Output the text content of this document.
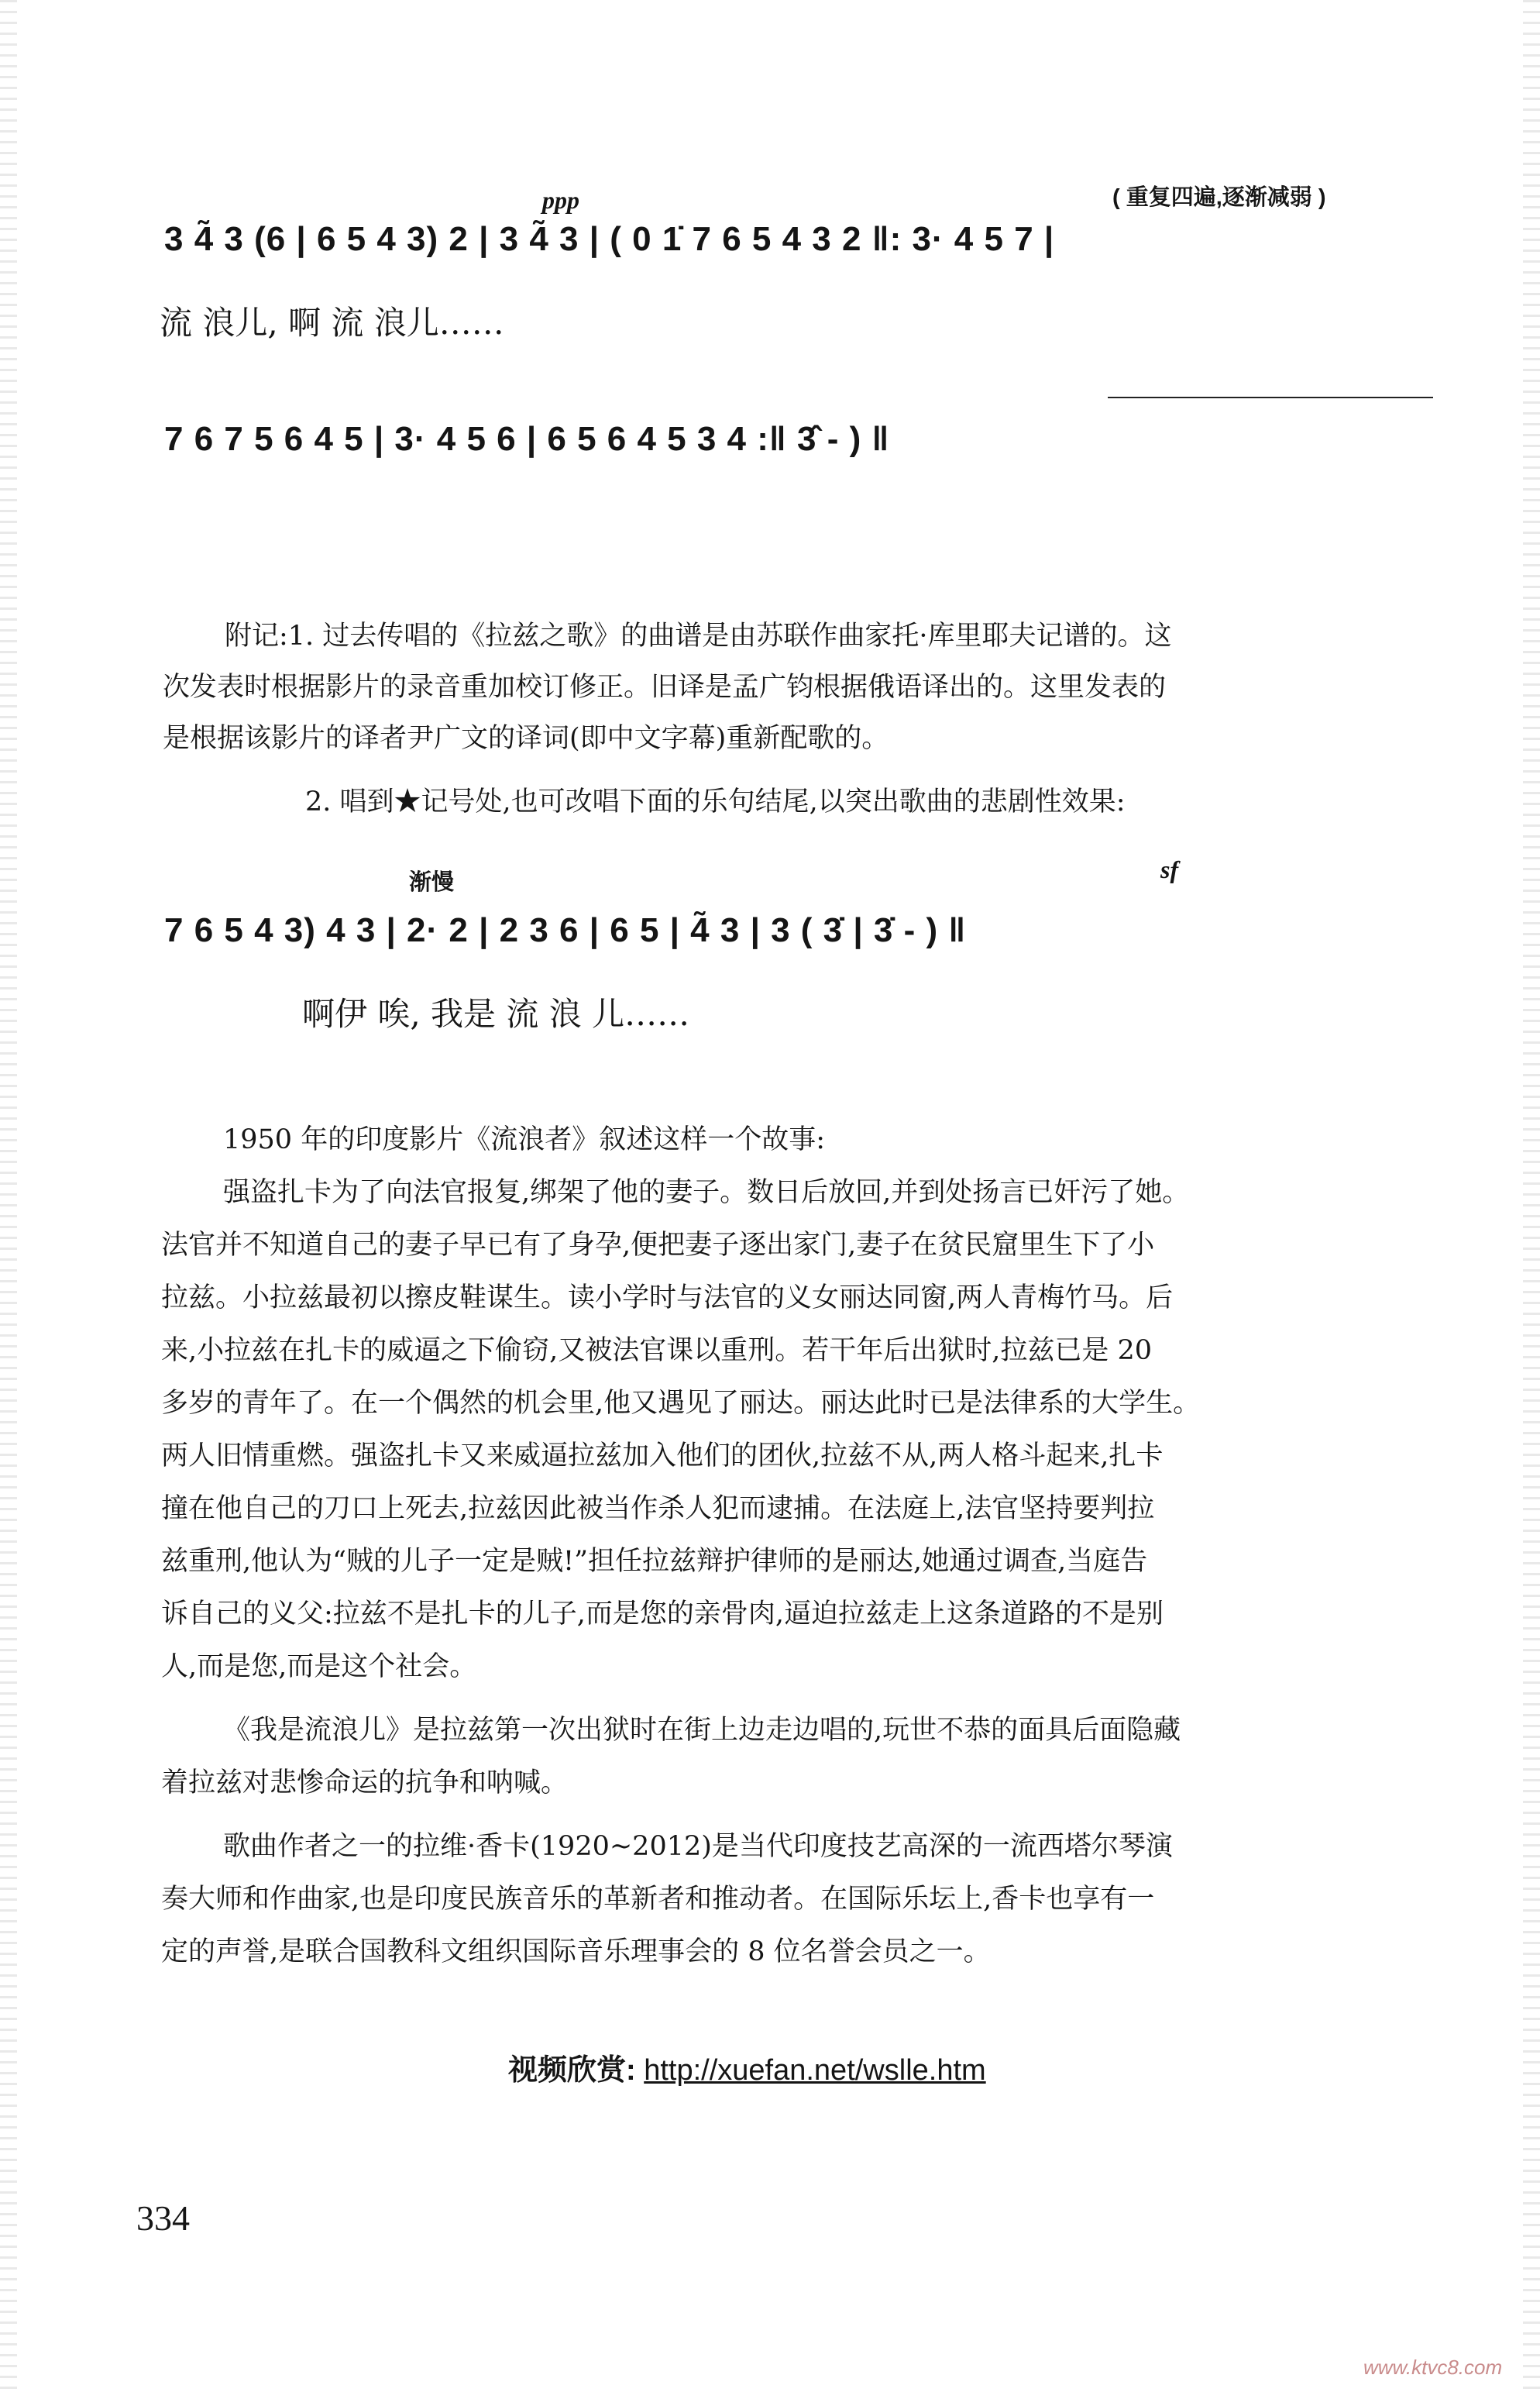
( 重复四遍,逐渐减弱 )
ppp
3 4̃ 3 (6 | 6 5 4 3) 2 | 3 4̃ 3 | ( 0 1̇ 7 6 5 4 3 2 ‖: 3· 4 5 7 |
流 浪儿, 啊 流 浪儿……
7 6 7 5 6 4 5 | 3· 4 5 6 | 6 5 6 4 5 3 4 :‖ 3̂ - ) ‖
附记:1. 过去传唱的《拉兹之歌》的曲谱是由苏联作曲家托·库里耶夫记谱的。这
次发表时根据影片的录音重加校订修正。旧译是孟广钧根据俄语译出的。这里发表的
是根据该影片的译者尹广文的译词(即中文字幕)重新配歌的。
2. 唱到★记号处,也可改唱下面的乐句结尾,以突出歌曲的悲剧性效果:
渐慢	sf
7 6 5 4 3) 4 3 | 2· 2 | 2 3 6 | 6 5 | 4̃ 3 | 3 ( 3̇ | 3̇ - ) ‖
啊伊 唉, 我是 流 浪 儿……
1950 年的印度影片《流浪者》叙述这样一个故事:
强盗扎卡为了向法官报复,绑架了他的妻子。数日后放回,并到处扬言已奸污了她。
法官并不知道自己的妻子早已有了身孕,便把妻子逐出家门,妻子在贫民窟里生下了小
拉兹。小拉兹最初以擦皮鞋谋生。读小学时与法官的义女丽达同窗,两人青梅竹马。后
来,小拉兹在扎卡的威逼之下偷窃,又被法官课以重刑。若干年后出狱时,拉兹已是 20
多岁的青年了。在一个偶然的机会里,他又遇见了丽达。丽达此时已是法律系的大学生。
两人旧情重燃。强盗扎卡又来威逼拉兹加入他们的团伙,拉兹不从,两人格斗起来,扎卡
撞在他自己的刀口上死去,拉兹因此被当作杀人犯而逮捕。在法庭上,法官坚持要判拉
兹重刑,他认为“贼的儿子一定是贼!”担任拉兹辩护律师的是丽达,她通过调查,当庭告
诉自己的义父:拉兹不是扎卡的儿子,而是您的亲骨肉,逼迫拉兹走上这条道路的不是别
人,而是您,而是这个社会。
《我是流浪儿》是拉兹第一次出狱时在街上边走边唱的,玩世不恭的面具后面隐藏
着拉兹对悲惨命运的抗争和呐喊。
歌曲作者之一的拉维·香卡(1920~2012)是当代印度技艺高深的一流西塔尔琴演
奏大师和作曲家,也是印度民族音乐的革新者和推动者。在国际乐坛上,香卡也享有一
定的声誉,是联合国教科文组织国际音乐理事会的 8 位名誉会员之一。
视频欣赏: http://xuefan.net/wslle.htm
334
www.ktvc8.com
